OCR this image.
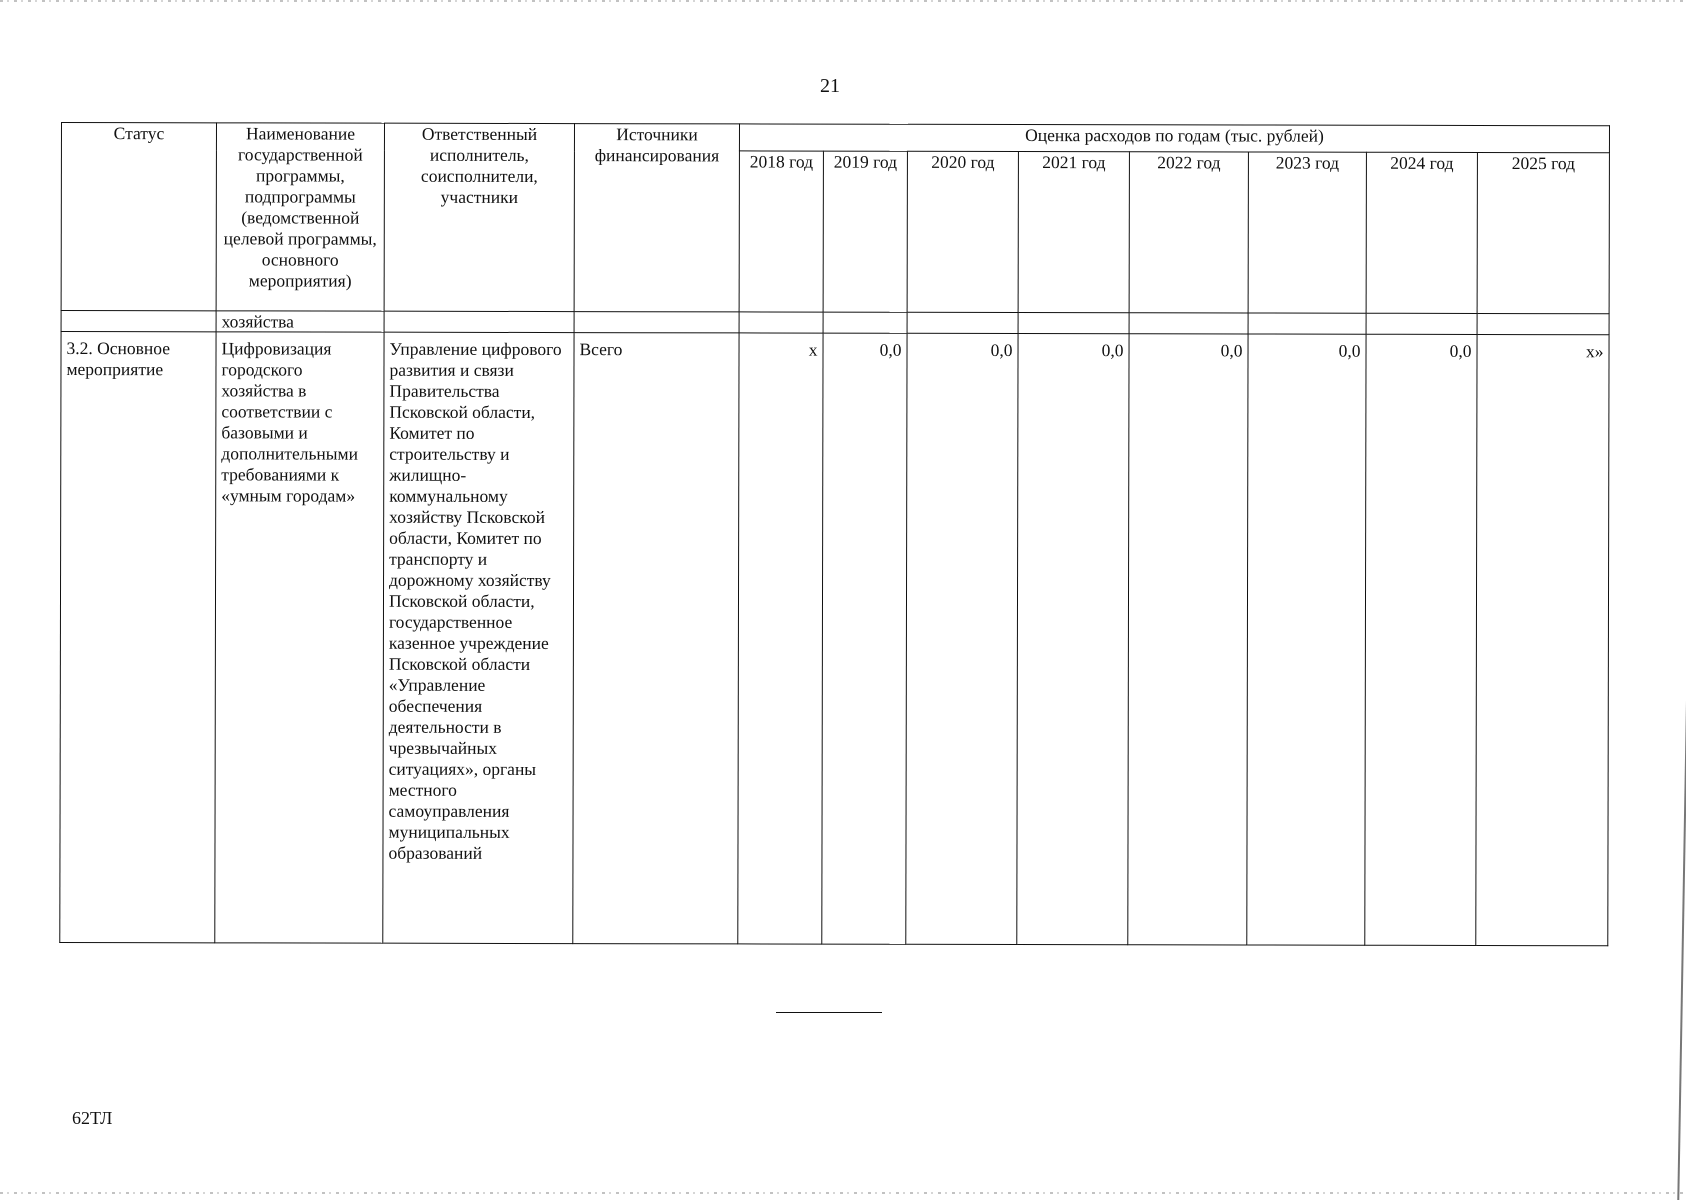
21
Статус	Наименование государственной программы, подпрограммы (ведомственной целевой программы, основного мероприятия)	Ответственный исполнитель, соисполнители, участники	Источники финансирования	Оценка расходов по годам (тыс. рублей)							
				2018 год	2019 год	2020 год	2021 год	2022 год	2023 год	2024 год	2025 год
	хозяйства										
3.2. Основное мероприятие	Цифровизация городского хозяйства в соответствии с базовыми и дополнительными требованиями к «умным городам»	Управление цифрового развития и связи Правительства Псковской области, Комитет по строительству и жилищно-коммунальному хозяйству Псковской области, Комитет по транспорту и дорожному хозяйству Псковской области, государственное казенное учреждение Псковской области «Управление обеспечения деятельности в чрезвычайных ситуациях», органы местного самоуправления муниципальных образований	Всего	х	0,0	0,0	0,0	0,0	0,0	0,0	х»
62ТЛ
